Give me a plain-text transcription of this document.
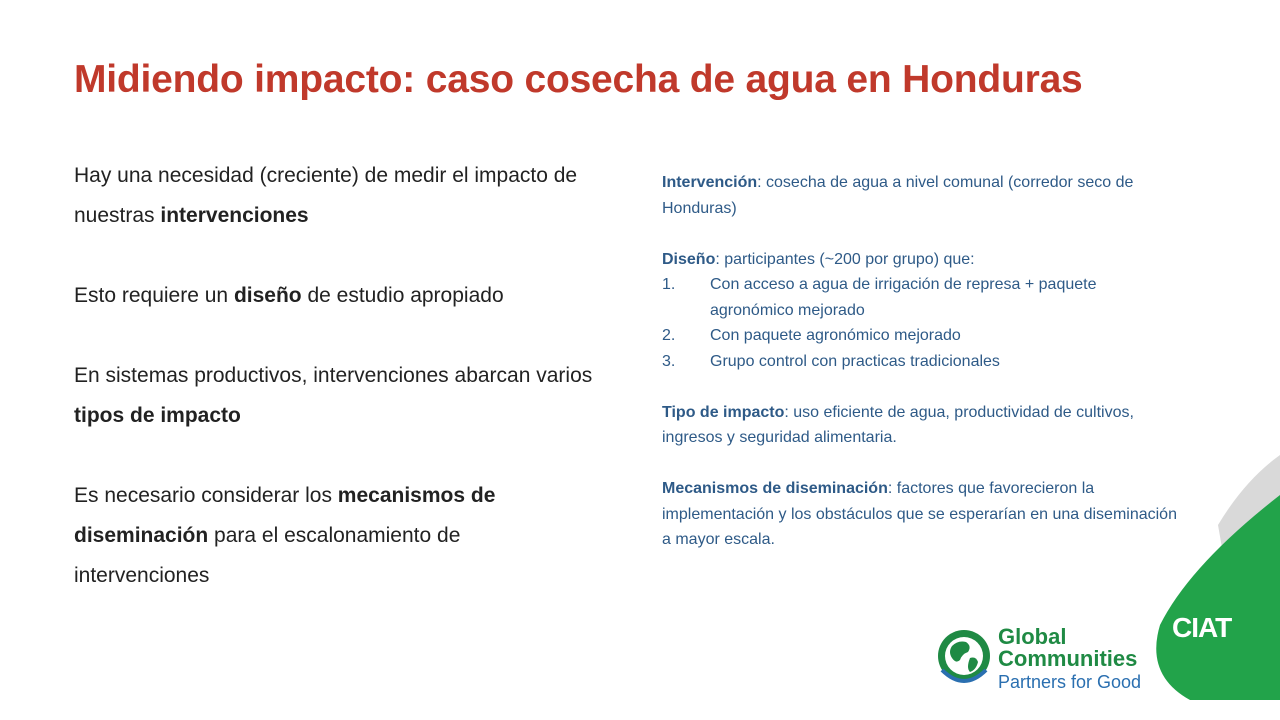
Midiendo impacto: caso cosecha de agua en Honduras

Hay una necesidad (creciente) de medir el impacto de nuestras intervenciones

Esto requiere un diseño de estudio apropiado

En sistemas productivos, intervenciones abarcan varios tipos de impacto

Es necesario considerar los mecanismos de diseminación para el escalonamiento de intervenciones

Intervención: cosecha de agua a nivel comunal (corredor seco de Honduras)

Diseño: participantes (~200 por grupo) que:
1.	Con acceso a agua de irrigación de represa + paquete agronómico mejorado
2.	Con paquete agronómico mejorado
3.	Grupo control con practicas tradicionales

Tipo de impacto: uso eficiente de agua, productividad de cultivos, ingresos y seguridad alimentaria.

Mecanismos de diseminación: factores que favorecieron la implementación y los obstáculos que se esperarían en una diseminación a mayor escala.

CIAT
Global
Communities
Partners for Good
